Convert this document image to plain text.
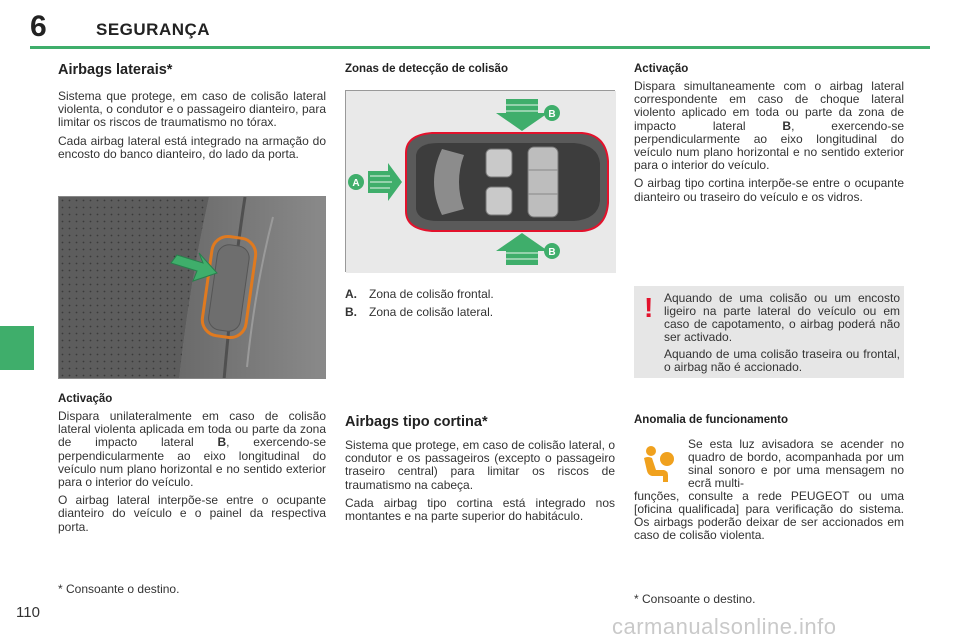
6	SEGURANÇA
Airbags laterais*

Sistema que protege, em caso de colisão lateral violenta, o condutor e o passageiro dianteiro, para limitar os riscos de traumatismo no tórax.

Cada airbag lateral está integrado na armação do encosto do banco dianteiro, do lado da porta.

Activação

Dispara unilateralmente em caso de colisão lateral violenta aplicada em toda ou parte da zona de impacto lateral B, exercendo-se perpendicularmente ao eixo longitudinal do veículo num plano horizontal e no sentido exterior para o interior do veículo.

O airbag lateral interpõe-se entre o ocupante dianteiro do veículo e o painel da respectiva porta.

* Consoante o destino.
Zonas de detecção de colisão
A
B
B
A. Zona de colisão frontal.
B. Zona de colisão lateral.
Airbags tipo cortina*

Sistema que protege, em caso de colisão lateral, o condutor e os passageiros (excepto o passageiro traseiro central) para limitar os riscos de traumatismo na cabeça.

Cada airbag tipo cortina está integrado nos montantes e na parte superior do habitáculo.

Activação

Dispara simultaneamente com o airbag lateral correspondente em caso de choque lateral violento aplicado em toda ou parte da zona de impacto lateral B, exercendo-se perpendicularmente ao eixo longitudinal do veículo num plano horizontal e no sentido exterior para o interior do veículo.

O airbag tipo cortina interpõe-se entre o ocupante dianteiro ou traseiro do veículo e os vidros.

! Aquando de uma colisão ou um encosto ligeiro na parte lateral do veículo ou em caso de capotamento, o airbag poderá não ser activado.

Aquando de uma colisão traseira ou frontal, o airbag não é accionado.

Anomalia de funcionamento
Se esta luz avisadora se acender no quadro de bordo, acompanhada por um sinal sonoro e por uma mensagem no ecrã multi-
funções, consulte a rede PEUGEOT ou uma [oficina qualificada] para verificação do sistema. Os airbags poderão deixar de ser accionados em caso de colisão violenta.
* Consoante o destino.
110
carmanualsonline.info
